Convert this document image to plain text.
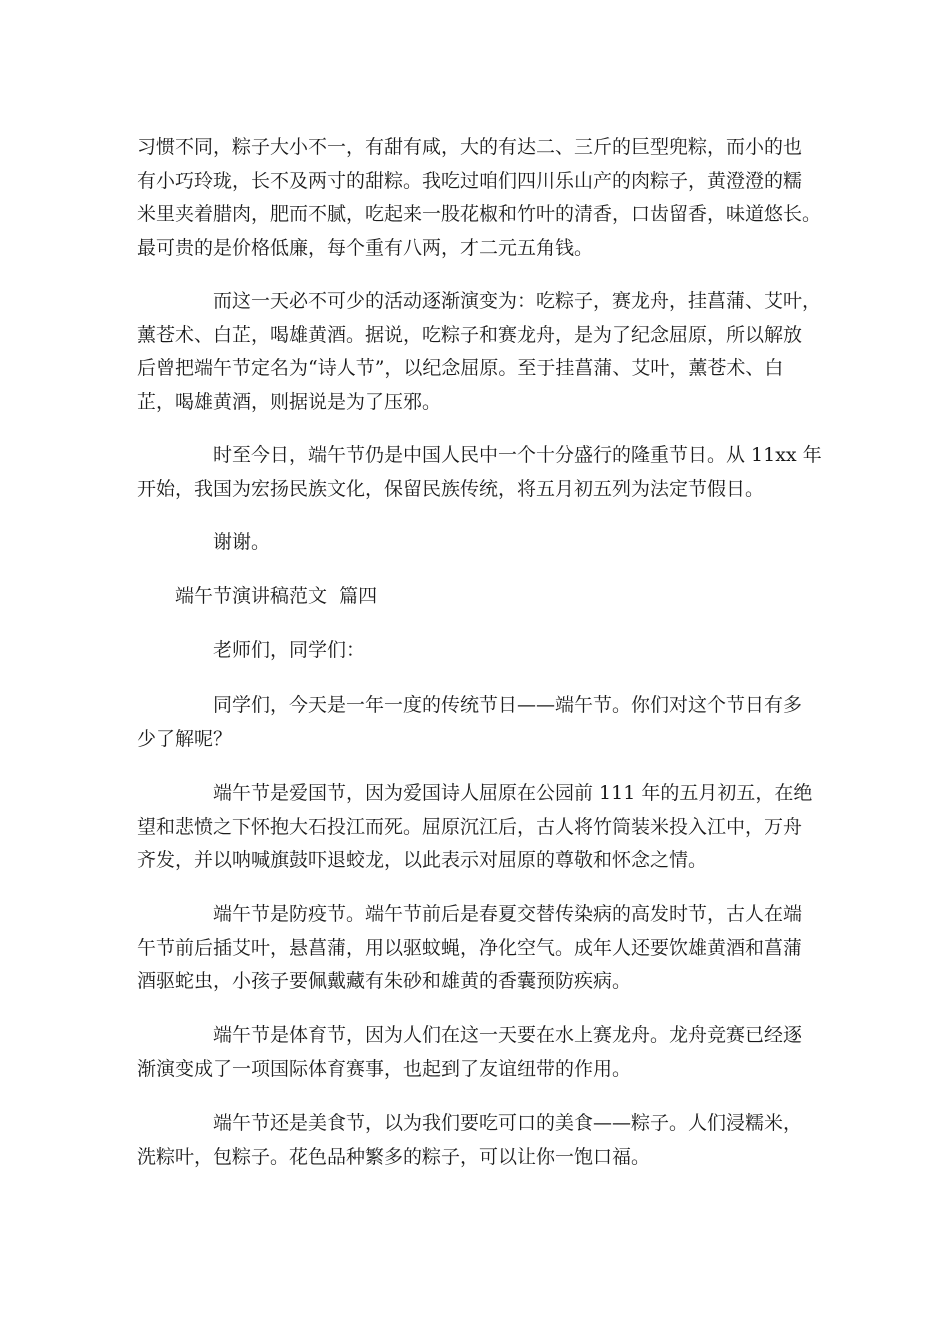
习惯不同，粽子大小不一，有甜有咸，大的有达二、三斤的巨型兜粽，而小的也
有小巧玲珑，长不及两寸的甜粽。我吃过咱们四川乐山产的肉粽子，黄澄澄的糯
米里夹着腊肉，肥而不腻，吃起来一股花椒和竹叶的清香，口齿留香，味道悠长。
最可贵的是价格低廉，每个重有八两，才二元五角钱。
而这一天必不可少的活动逐渐演变为：吃粽子，赛龙舟，挂菖蒲、艾叶，
薰苍术、白芷，喝雄黄酒。据说，吃粽子和赛龙舟，是为了纪念屈原，所以解放
后曾把端午节定名为“诗人节”，以纪念屈原。至于挂菖蒲、艾叶，薰苍术、白
芷，喝雄黄酒，则据说是为了压邪。
时至今日，端午节仍是中国人民中一个十分盛行的隆重节日。从 11xx 年
开始，我国为宏扬民族文化，保留民族传统，将五月初五列为法定节假日。
谢谢。
端午节演讲稿范文  篇四
老师们，同学们：
同学们，今天是一年一度的传统节日——端午节。你们对这个节日有多
少了解呢？
端午节是爱国节，因为爱国诗人屈原在公园前 111 年的五月初五，在绝
望和悲愤之下怀抱大石投江而死。屈原沉江后，古人将竹筒装米投入江中，万舟
齐发，并以呐喊旗鼓吓退蛟龙，以此表示对屈原的尊敬和怀念之情。
端午节是防疫节。端午节前后是春夏交替传染病的高发时节，古人在端
午节前后插艾叶，悬菖蒲，用以驱蚊蝇，净化空气。成年人还要饮雄黄酒和菖蒲
酒驱蛇虫，小孩子要佩戴藏有朱砂和雄黄的香囊预防疾病。
端午节是体育节，因为人们在这一天要在水上赛龙舟。龙舟竞赛已经逐
渐演变成了一项国际体育赛事，也起到了友谊纽带的作用。
端午节还是美食节，以为我们要吃可口的美食——粽子。人们浸糯米，
洗粽叶，包粽子。花色品种繁多的粽子，可以让你一饱口福。
